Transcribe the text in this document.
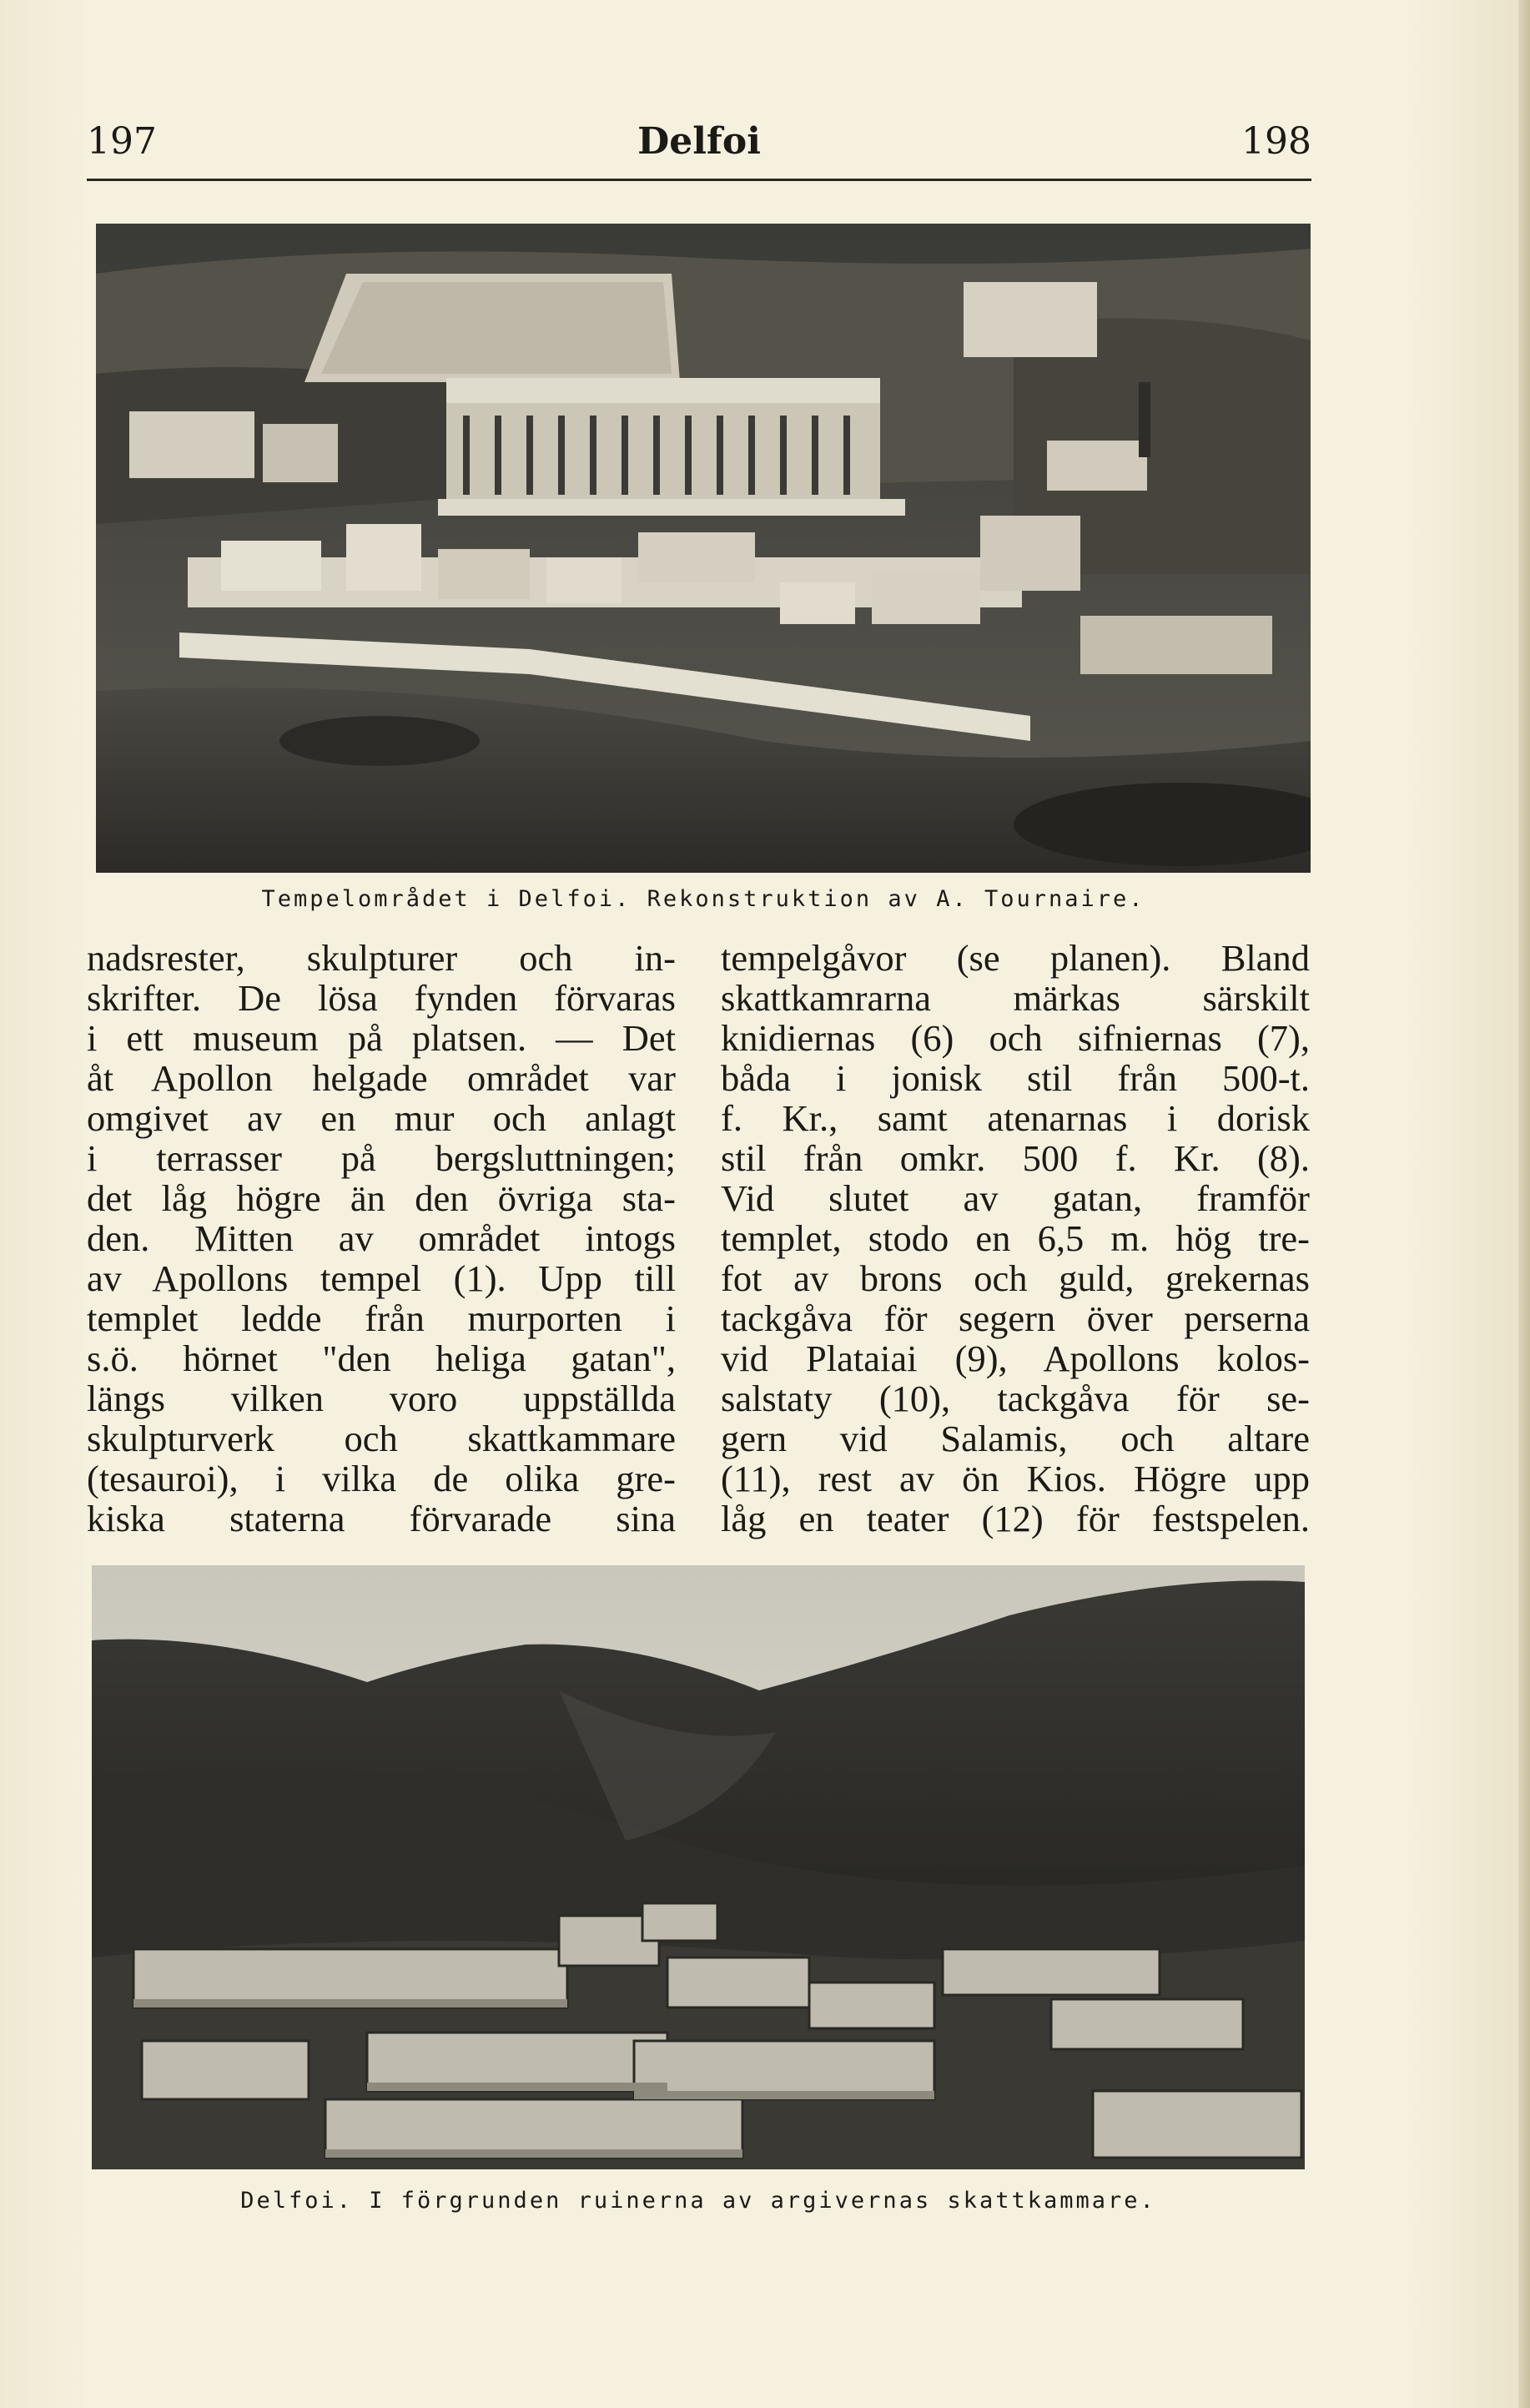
197	Delfoi	198
Tempelområdet i Delfoi. Rekonstruktion av A. Tournaire.
nadsrester, skulpturer och in-
skrifter. De lösa fynden förvaras
i ett museum på platsen. — Det
åt Apollon helgade området var
omgivet av en mur och anlagt
i terrasser på bergsluttningen;
det låg högre än den övriga sta-
den. Mitten av området intogs
av Apollons tempel (1). Upp till
templet ledde från murporten i
s.ö. hörnet "den heliga gatan",
längs vilken voro uppställda
skulpturverk och skattkammare
(tesauroi), i vilka de olika gre-
kiska staterna förvarade sina
tempelgåvor (se planen). Bland
skattkamrarna märkas särskilt
knidiernas (6) och sifniernas (7),
båda i jonisk stil från 500-t.
f. Kr., samt atenarnas i dorisk
stil från omkr. 500 f. Kr. (8).
Vid slutet av gatan, framför
templet, stodo en 6,5 m. hög tre-
fot av brons och guld, grekernas
tackgåva för segern över perserna
vid Plataiai (9), Apollons kolos-
salstaty (10), tackgåva för se-
gern vid Salamis, och altare
(11), rest av ön Kios. Högre upp
låg en teater (12) för festspelen.
Delfoi. I förgrunden ruinerna av argivernas skattkammare.
